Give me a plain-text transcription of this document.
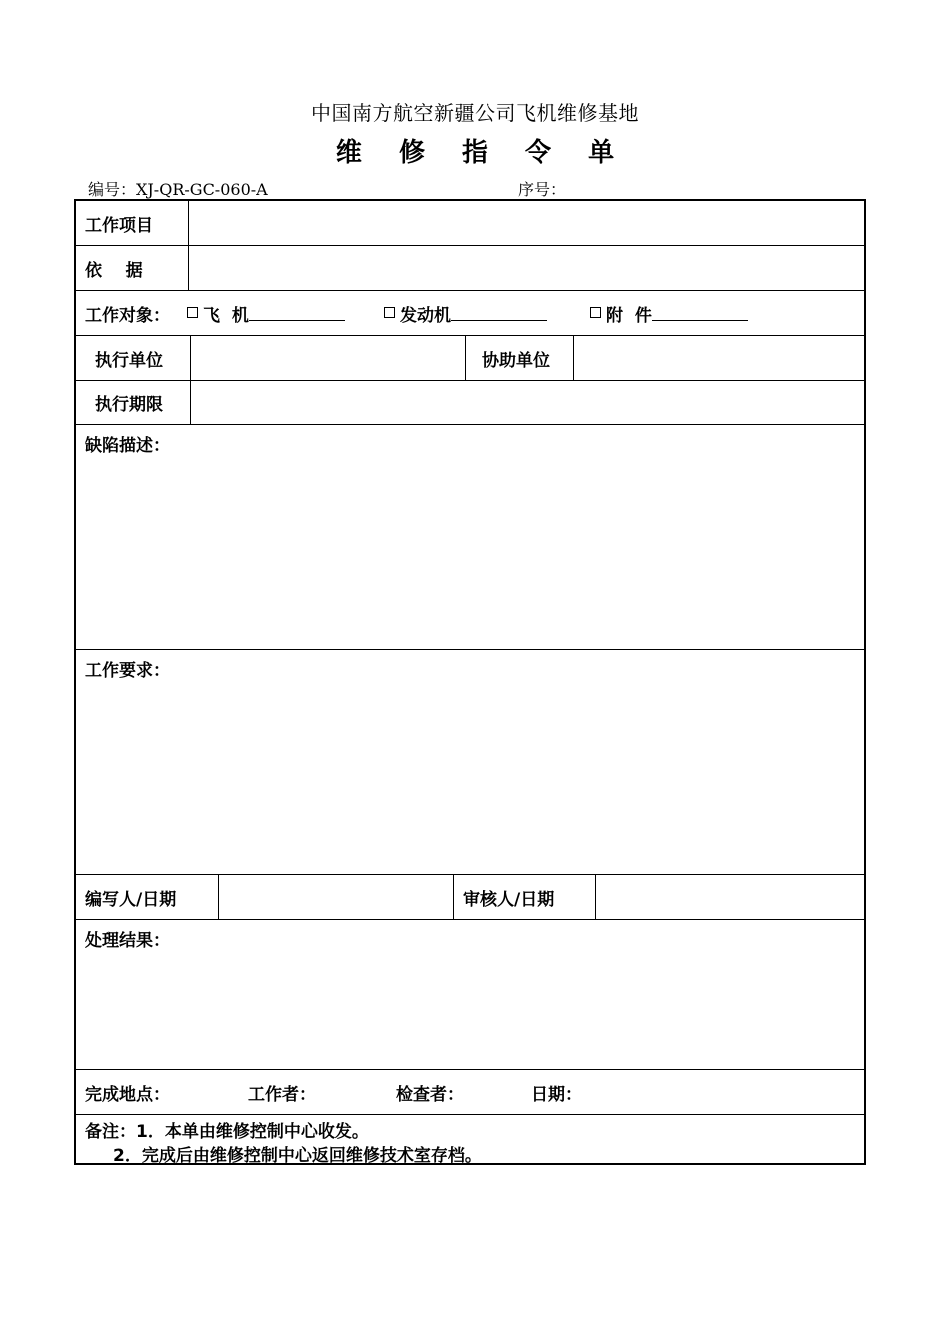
中国南方航空新疆公司飞机维修基地
维 修 指 令 单
编号：XJ-QR-GC-060-A	序号：
工作项目
依    据
工作对象：	飞  机	发动机	附  件
执行单位	协助单位
执行期限
缺陷描述：
工作要求：
编写人/日期	审核人/日期
处理结果：
完成地点：	工作者：	检查者：	日期：
备注：1．本单由维修控制中心收发。
2．完成后由维修控制中心返回维修技术室存档。
